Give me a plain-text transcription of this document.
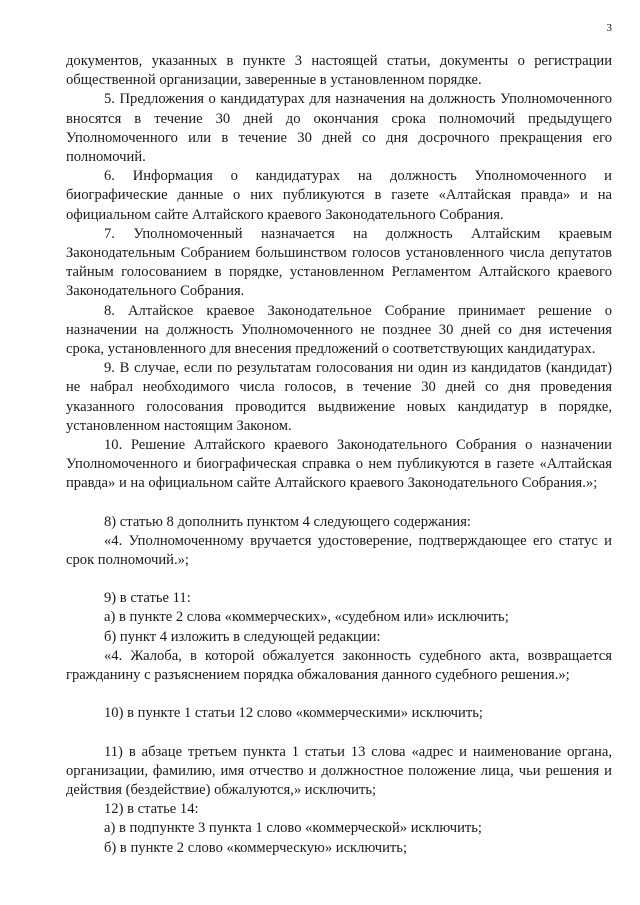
3

документов, указанных в пункте 3 настоящей статьи, документы о регистрации общественной организации, заверенные в установленном порядке.

5. Предложения о кандидатурах для назначения на должность Уполномоченного вносятся в течение 30 дней до окончания срока полномочий предыдущего Уполномоченного или в течение 30 дней со дня досрочного прекращения его полномочий.

6. Информация о кандидатурах на должность Уполномоченного и биографические данные о них публикуются в газете «Алтайская правда» и на официальном сайте Алтайского краевого Законодательного Собрания.

7. Уполномоченный назначается на должность Алтайским краевым Законодательным Собранием большинством голосов установленного числа депутатов тайным голосованием в порядке, установленном Регламентом Алтайского краевого Законодательного Собрания.

8. Алтайское краевое Законодательное Собрание принимает решение о назначении на должность Уполномоченного не позднее 30 дней со дня истечения срока, установленного для внесения предложений о соответствующих кандидатурах.

9. В случае, если по результатам голосования ни один из кандидатов (кандидат) не набрал необходимого числа голосов, в течение 30 дней со дня проведения указанного голосования проводится выдвижение новых кандидатур в порядке, установленном настоящим Законом.

10. Решение Алтайского краевого Законодательного Собрания о назначении Уполномоченного и биографическая справка о нем публикуются в газете «Алтайская правда» и на официальном сайте Алтайского краевого Законодательного Собрания.»;

8) статью 8 дополнить пунктом 4 следующего содержания:

«4. Уполномоченному вручается удостоверение, подтверждающее его статус и срок полномочий.»;

9) в статье 11:

а) в пункте 2 слова «коммерческих», «судебном или» исключить;

б) пункт 4 изложить в следующей редакции:

«4. Жалоба, в которой обжалуется законность судебного акта, возвращается гражданину с разъяснением порядка обжалования данного судебного решения.»;

10) в пункте 1 статьи 12 слово «коммерческими» исключить;

11) в абзаце третьем пункта 1 статьи 13 слова «адрес и наименование органа, организации, фамилию, имя отчество и должностное положение лица, чьи решения и действия (бездействие) обжалуются,» исключить;

12) в статье 14:

а) в подпункте 3 пункта 1 слово «коммерческой» исключить;

б) в пункте 2 слово «коммерческую» исключить;
